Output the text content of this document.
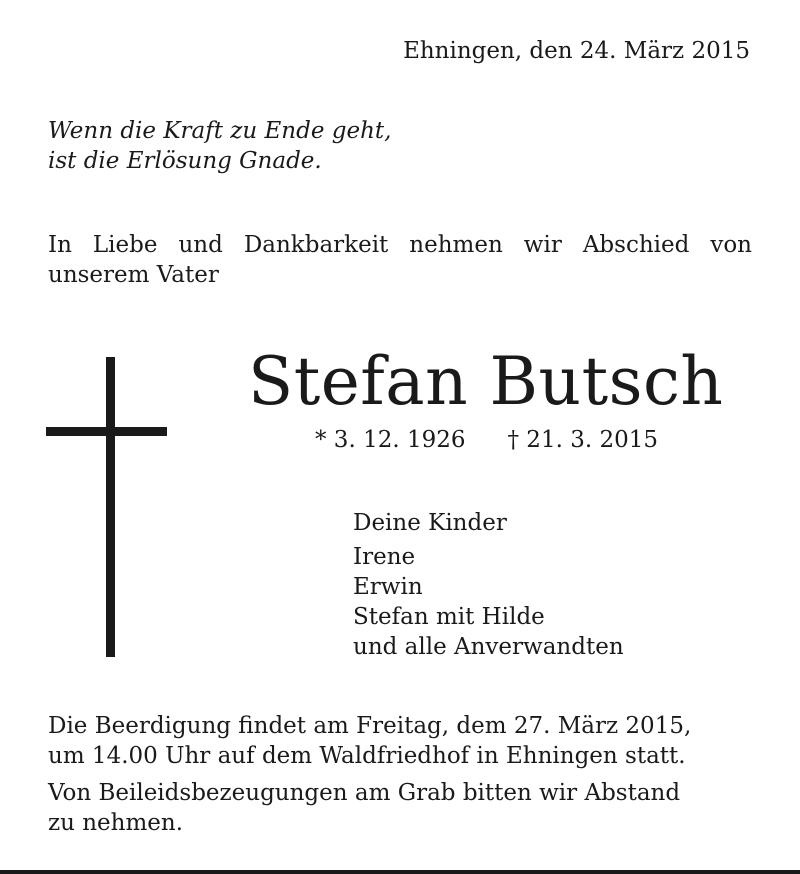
Ehningen, den 24. März 2015
Wenn die Kraft zu Ende geht,
ist die Erlösung Gnade.
In Liebe und Dankbarkeit nehmen wir Abschied von
unserem Vater
Stefan Butsch
* 3. 12. 1926 † 21. 3. 2015
Deine Kinder
Irene
Erwin
Stefan mit Hilde
und alle Anverwandten
Die Beerdigung findet am Freitag, dem 27. März 2015,
um 14.00 Uhr auf dem Waldfriedhof in Ehningen statt.
Von Beileidsbezeugungen am Grab bitten wir Abstand
zu nehmen.
